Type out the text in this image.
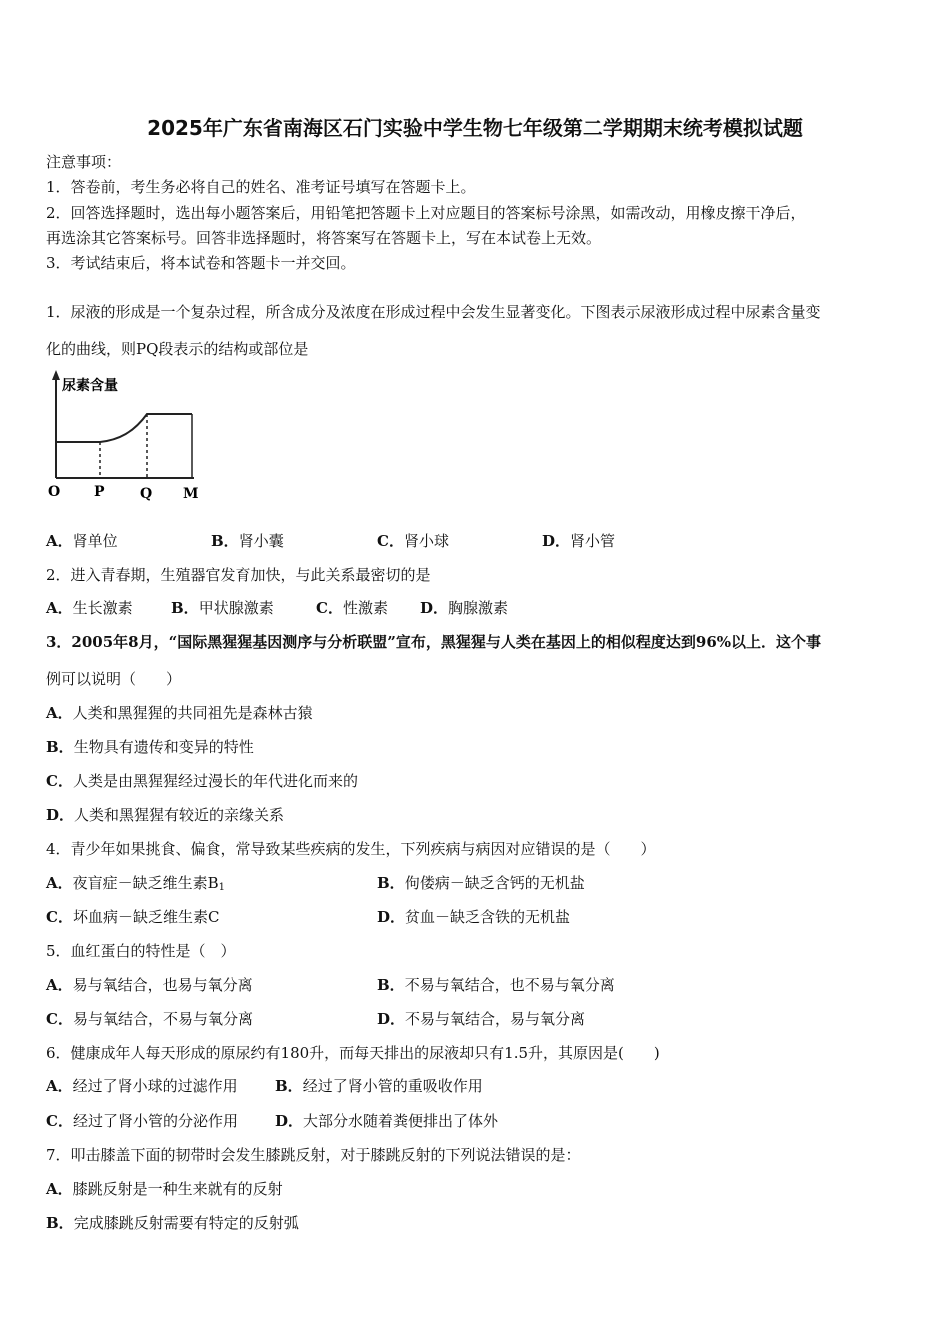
2025年广东省南海区石门实验中学生物七年级第二学期期末统考模拟试题
注意事项：
1．答卷前，考生务必将自己的姓名、准考证号填写在答题卡上。
2．回答选择题时，选出每小题答案后，用铅笔把答题卡上对应题目的答案标号涂黑，如需改动，用橡皮擦干净后，
再选涂其它答案标号。回答非选择题时，将答案写在答题卡上，写在本试卷上无效。
3．考试结束后，将本试卷和答题卡一并交回。
1．尿液的形成是一个复杂过程，所含成分及浓度在形成过程中会发生显著变化。下图表示尿液形成过程中尿素含量变
化的曲线，则PQ段表示的结构或部位是
尿素含量
O P	Q M
A．肾单位	B．肾小囊	C．肾小球	D．肾小管
2．进入青春期，生殖器官发育加快，与此关系最密切的是
A．生长激素	B．甲状腺激素	C．性激素 D．胸腺激素
3．2005年8月，“国际黑猩猩基因测序与分析联盟”宣布，黑猩猩与人类在基因上的相似程度达到96%以上．这个事
例可以说明（　　）
A．人类和黑猩猩的共同祖先是森林古猿
B．生物具有遗传和变异的特性
C．人类是由黑猩猩经过漫长的年代进化而来的
D．人类和黑猩猩有较近的亲缘关系
4．青少年如果挑食、偏食，常导致某些疾病的发生，下列疾病与病因对应错误的是（　　）
A．夜盲症－缺乏维生素$B_1$	B．佝偻病－缺乏含钙的无机盐
C．坏血病－缺乏维生素C	D．贫血－缺乏含铁的无机盐
5．血红蛋白的特性是（　）
A．易与氧结合，也易与氧分离	B．不易与氧结合，也不易与氧分离
C．易与氧结合，不易与氧分离	D．不易与氧结合，易与氧分离
6．健康成年人每天形成的原尿约有180升，而每天排出的尿液却只有1.5升，其原因是(　　)
A．经过了肾小球的过滤作用 B．经过了肾小管的重吸收作用
C．经过了肾小管的分泌作用 D．大部分水随着粪便排出了体外
7．叩击膝盖下面的韧带时会发生膝跳反射，对于膝跳反射的下列说法错误的是：
A．膝跳反射是一种生来就有的反射
B．完成膝跳反射需要有特定的反射弧
